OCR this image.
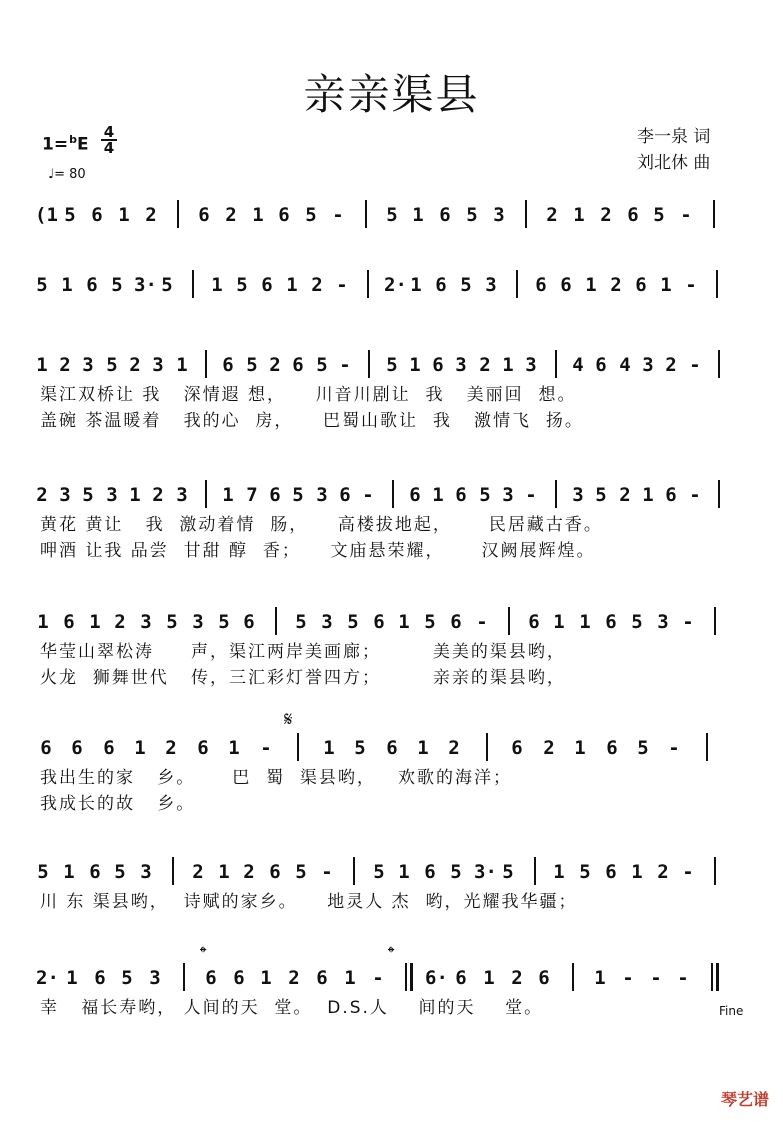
亲亲渠县
$1=^bE \frac{4}{4}$
♩= 80
李一泉 词
刘北休 曲
(1 5 6 1 2 6 2 1 6 5 - 5 1 6 5 3 2 1 2 6 5 -
5 1 6 5 3· 5 1 5 6 1 2 - 2· 1 6 5 3 6 6 1 2 6 1 -
1 2 3 5 2 3 1 6 5 2 6 5 - 5 1 6 3 2 1 3 4 6 4 3 2 -
渠江双桥让 我   深情遐 想，    川音川剧让  我   美丽回  想。
盖碗 茶温暖着   我的心  房，    巴蜀山歌让  我   激情飞  扬。
2 3 5 3 1 2 3 1 7 6 5 3 6 - 6 1 6 5 3 - 3 5 2 1 6 -
黄花 黄让   我  激动着情  肠，    高楼拔地起，     民居藏古香。
呷酒 让我 品尝  甘甜 醇  香；    文庙悬荣耀，     汉阙展辉煌。
1 6 1 2 3 5 3 5 6 5 3 5 6 1 5 6 - 6 1 1 6 5 3 -
华莹山翠松涛     声，渠江两岸美画廊；       美美的渠县哟，
火龙  狮舞世代   传，三汇彩灯誉四方；       亲亲的渠县哟，
6 6 6 1 2 6 1 -	1 5 6 1 2	6 2 1 6 5 -
我出生的家   乡。     巴  蜀  渠县哟，   欢歌的海洋；
我成长的故   乡。
5 1 6 5 3 2 1 2 6 5 - 5 1 6 5 3· 5 1 5 6 1 2 -
川 东 渠县哟，  诗赋的家乡。    地灵人 杰  哟，光耀我华疆；
2· 1 6 5 3 6 6 1 2 6 1 - 6· 6 1 2 6 1 - - -
幸   福长寿哟， 人间的天  堂。  D.S.人    间的天    堂。
𝄋
𝄌	𝄌
Fine
琴艺谱
